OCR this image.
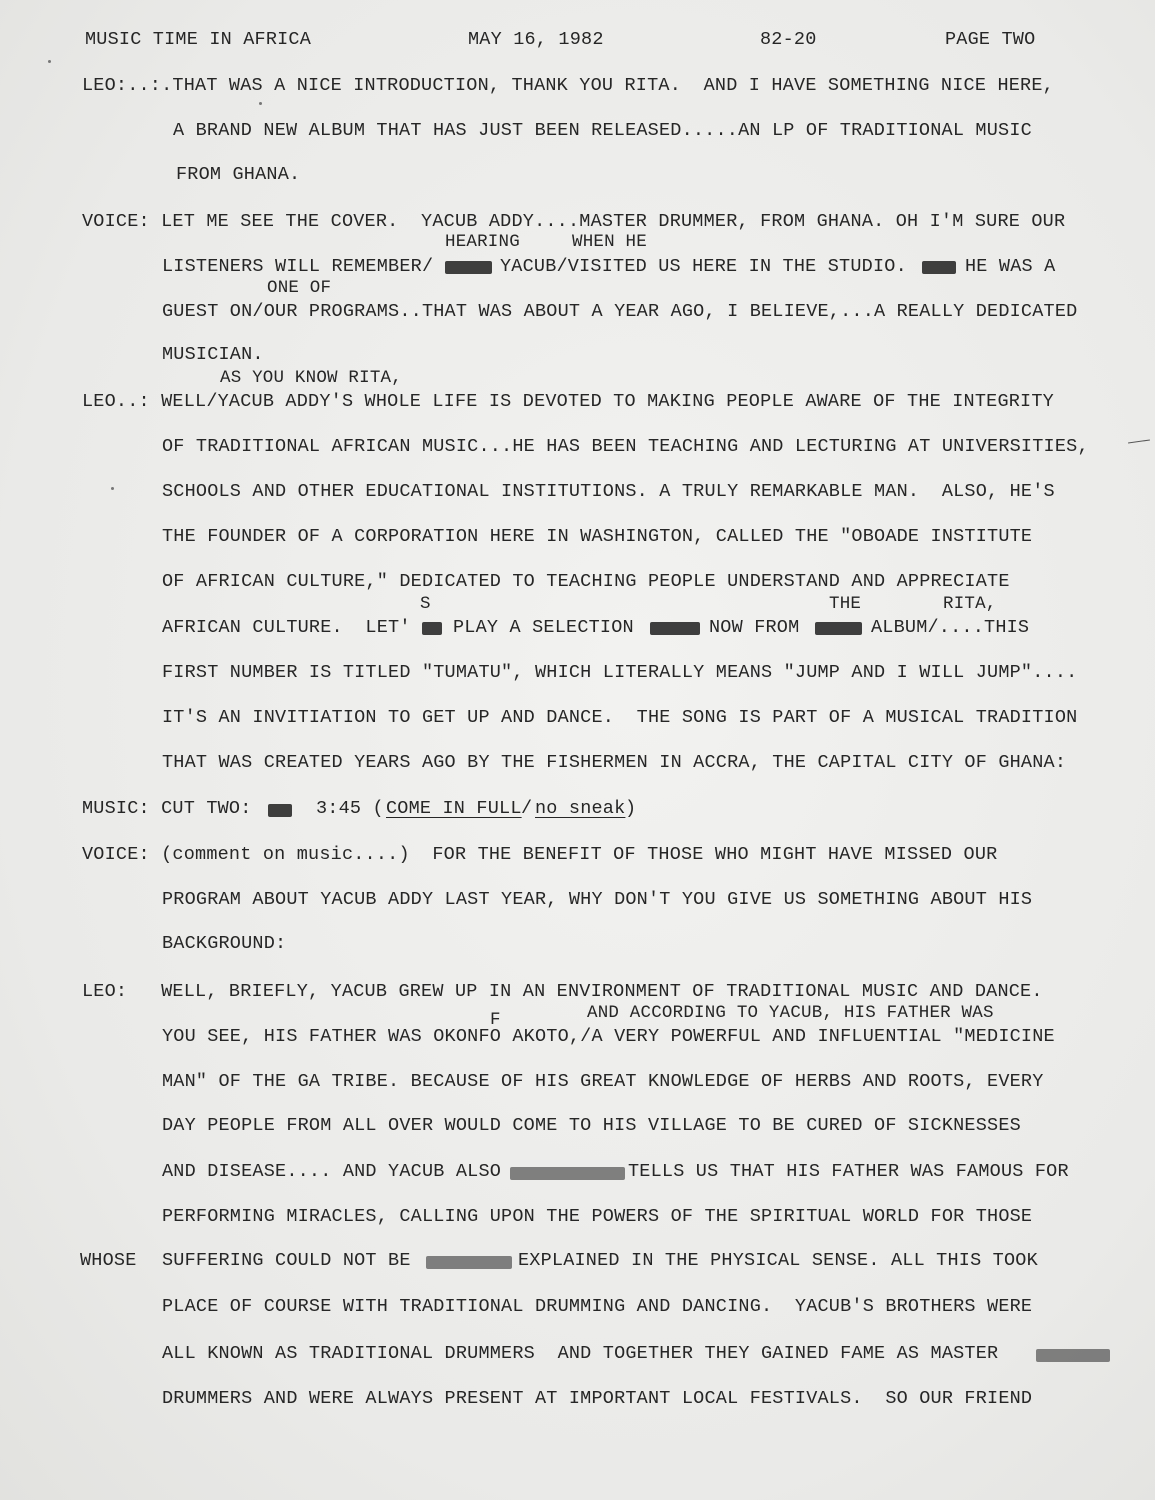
MUSIC TIME IN AFRICA	MAY 16, 1982	82-20	PAGE TWO
LEO:..:.THAT WAS A NICE INTRODUCTION, THANK YOU RITA.  AND I HAVE SOMETHING NICE HERE,
A BRAND NEW ALBUM THAT HAS JUST BEEN RELEASED.....AN LP OF TRADITIONAL MUSIC
FROM GHANA.
VOICE: LET ME SEE THE COVER.  YACUB ADDY....MASTER DRUMMER, FROM GHANA. OH I'M SURE OUR
HEARING	WHEN HE
LISTENERS WILL REMEMBER/	YACUB/VISITED US HERE IN THE STUDIO.	HE WAS A
ONE OF
GUEST ON/OUR PROGRAMS..THAT WAS ABOUT A YEAR AGO, I BELIEVE,...A REALLY DEDICATED
MUSICIAN.
AS YOU KNOW RITA,
LEO..: WELL/YACUB ADDY'S WHOLE LIFE IS DEVOTED TO MAKING PEOPLE AWARE OF THE INTEGRITY
OF TRADITIONAL AFRICAN MUSIC...HE HAS BEEN TEACHING AND LECTURING AT UNIVERSITIES,
SCHOOLS AND OTHER EDUCATIONAL INSTITUTIONS. A TRULY REMARKABLE MAN.  ALSO, HE'S
THE FOUNDER OF A CORPORATION HERE IN WASHINGTON, CALLED THE "OBOADE INSTITUTE
OF AFRICAN CULTURE," DEDICATED TO TEACHING PEOPLE UNDERSTAND AND APPRECIATE
S	THE	RITA,
AFRICAN CULTURE.  LET' PLAY A SELECTION	NOW FROM	ALBUM/....THIS
FIRST NUMBER IS TITLED "TUMATU", WHICH LITERALLY MEANS "JUMP AND I WILL JUMP"....
IT'S AN INVITIATION TO GET UP AND DANCE.  THE SONG IS PART OF A MUSICAL TRADITION
THAT WAS CREATED YEARS AGO BY THE FISHERMEN IN ACCRA, THE CAPITAL CITY OF GHANA:
MUSIC: CUT TWO:	3:45 ( COME IN FULL / no sneak )
VOICE: (comment on music....)  FOR THE BENEFIT OF THOSE WHO MIGHT HAVE MISSED OUR
PROGRAM ABOUT YACUB ADDY LAST YEAR, WHY DON'T YOU GIVE US SOMETHING ABOUT HIS
BACKGROUND:
LEO:   WELL, BRIEFLY, YACUB GREW UP IN AN ENVIRONMENT OF TRADITIONAL MUSIC AND DANCE.
AND ACCORDING TO YACUB, HIS FATHER WAS
F
YOU SEE, HIS FATHER WAS OKONFO AKOTO,/A VERY POWERFUL AND INFLUENTIAL "MEDICINE
MAN" OF THE GA TRIBE. BECAUSE OF HIS GREAT KNOWLEDGE OF HERBS AND ROOTS, EVERY
DAY PEOPLE FROM ALL OVER WOULD COME TO HIS VILLAGE TO BE CURED OF SICKNESSES
AND DISEASE.... AND YACUB ALSO	TELLS US THAT HIS FATHER WAS FAMOUS FOR
PERFORMING MIRACLES, CALLING UPON THE POWERS OF THE SPIRITUAL WORLD FOR THOSE
WHOSE SUFFERING COULD NOT BE	EXPLAINED IN THE PHYSICAL SENSE. ALL THIS TOOK
PLACE OF COURSE WITH TRADITIONAL DRUMMING AND DANCING.  YACUB'S BROTHERS WERE
ALL KNOWN AS TRADITIONAL DRUMMERS  AND TOGETHER THEY GAINED FAME AS MASTER
DRUMMERS AND WERE ALWAYS PRESENT AT IMPORTANT LOCAL FESTIVALS.  SO OUR FRIEND
